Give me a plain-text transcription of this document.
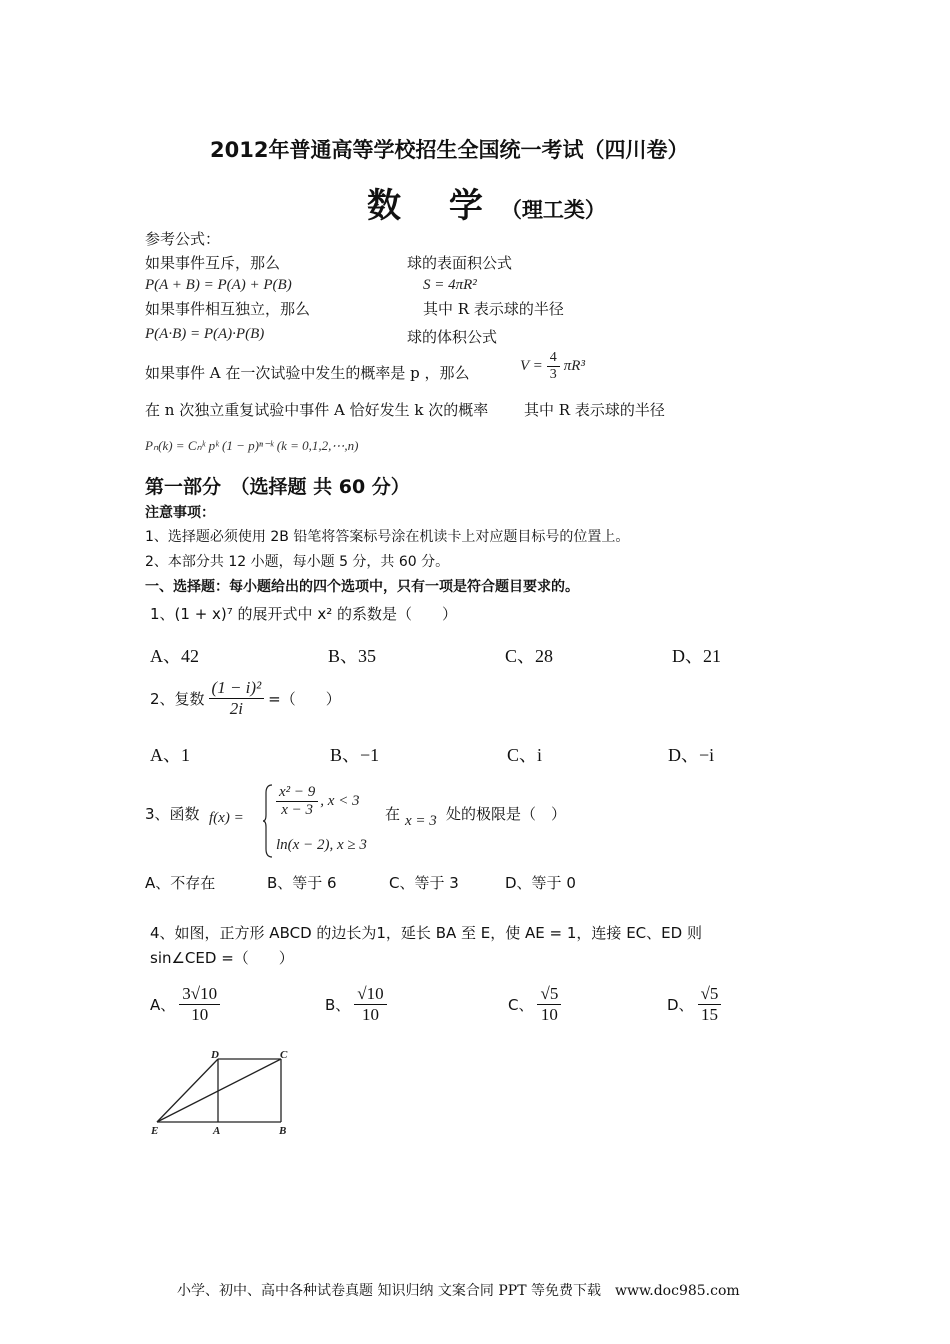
2012年普通高等学校招生全国统一考试（四川卷）
数 学（理工类）
参考公式：
如果事件互斥，那么	球的表面积公式
P(A + B) = P(A) + P(B)	S = 4πR²
如果事件相互独立，那么	其中 R 表示球的半径
P(A·B) = P(A)·P(B)	球的体积公式
如果事件 A 在一次试验中发生的概率是 p ，那么	$V = \frac{4}{3} \pi R^3$
在 n 次独立重复试验中事件 A 恰好发生 k 次的概率 其中 R 表示球的半径
Pₙ(k) = Cₙᵏ pᵏ (1 − p)ⁿ⁻ᵏ (k = 0,1,2,⋯,n)
第一部分　（选择题 共 60 分）
注意事项：
1、选择题必须使用 2B 铅笔将答案标号涂在机读卡上对应题目标号的位置上。
2、本部分共 12 小题，每小题 5 分，共 60 分。
一、选择题：每小题给出的四个选项中，只有一项是符合题目要求的。
1、(1 + x)⁷ 的展开式中 x² 的系数是（　　）
A、42	B、35	C、28	D、21
2、复数 $\frac{\text{(1 − i)²}}{2i}$ =（　　）
A、1	B、−1	C、i	D、−i
3、函数 $f(x) = \frac{\text{x² − 9}}{x - 3}$ , x < 3
ln(x − 2), x ≥ 3
在 x = 3 处的极限是（　）
A、不存在	B、等于 6	C、等于 3	D、等于 0
4、如图，正方形 ABCD 的边长为1，延长 BA 至 E，使 AE = 1，连接 EC、ED 则
sin∠CED =（　　）
A、 $\frac{3√10}{10}$	B、 $\frac{√10}{10}$	C、 $\frac{√5}{10}$	D、 $\frac{√5}{15}$
D	C
E	A	B
小学、初中、高中各种试卷真题 知识归纳 文案合同 PPT 等免费下载　www.doc985.com
